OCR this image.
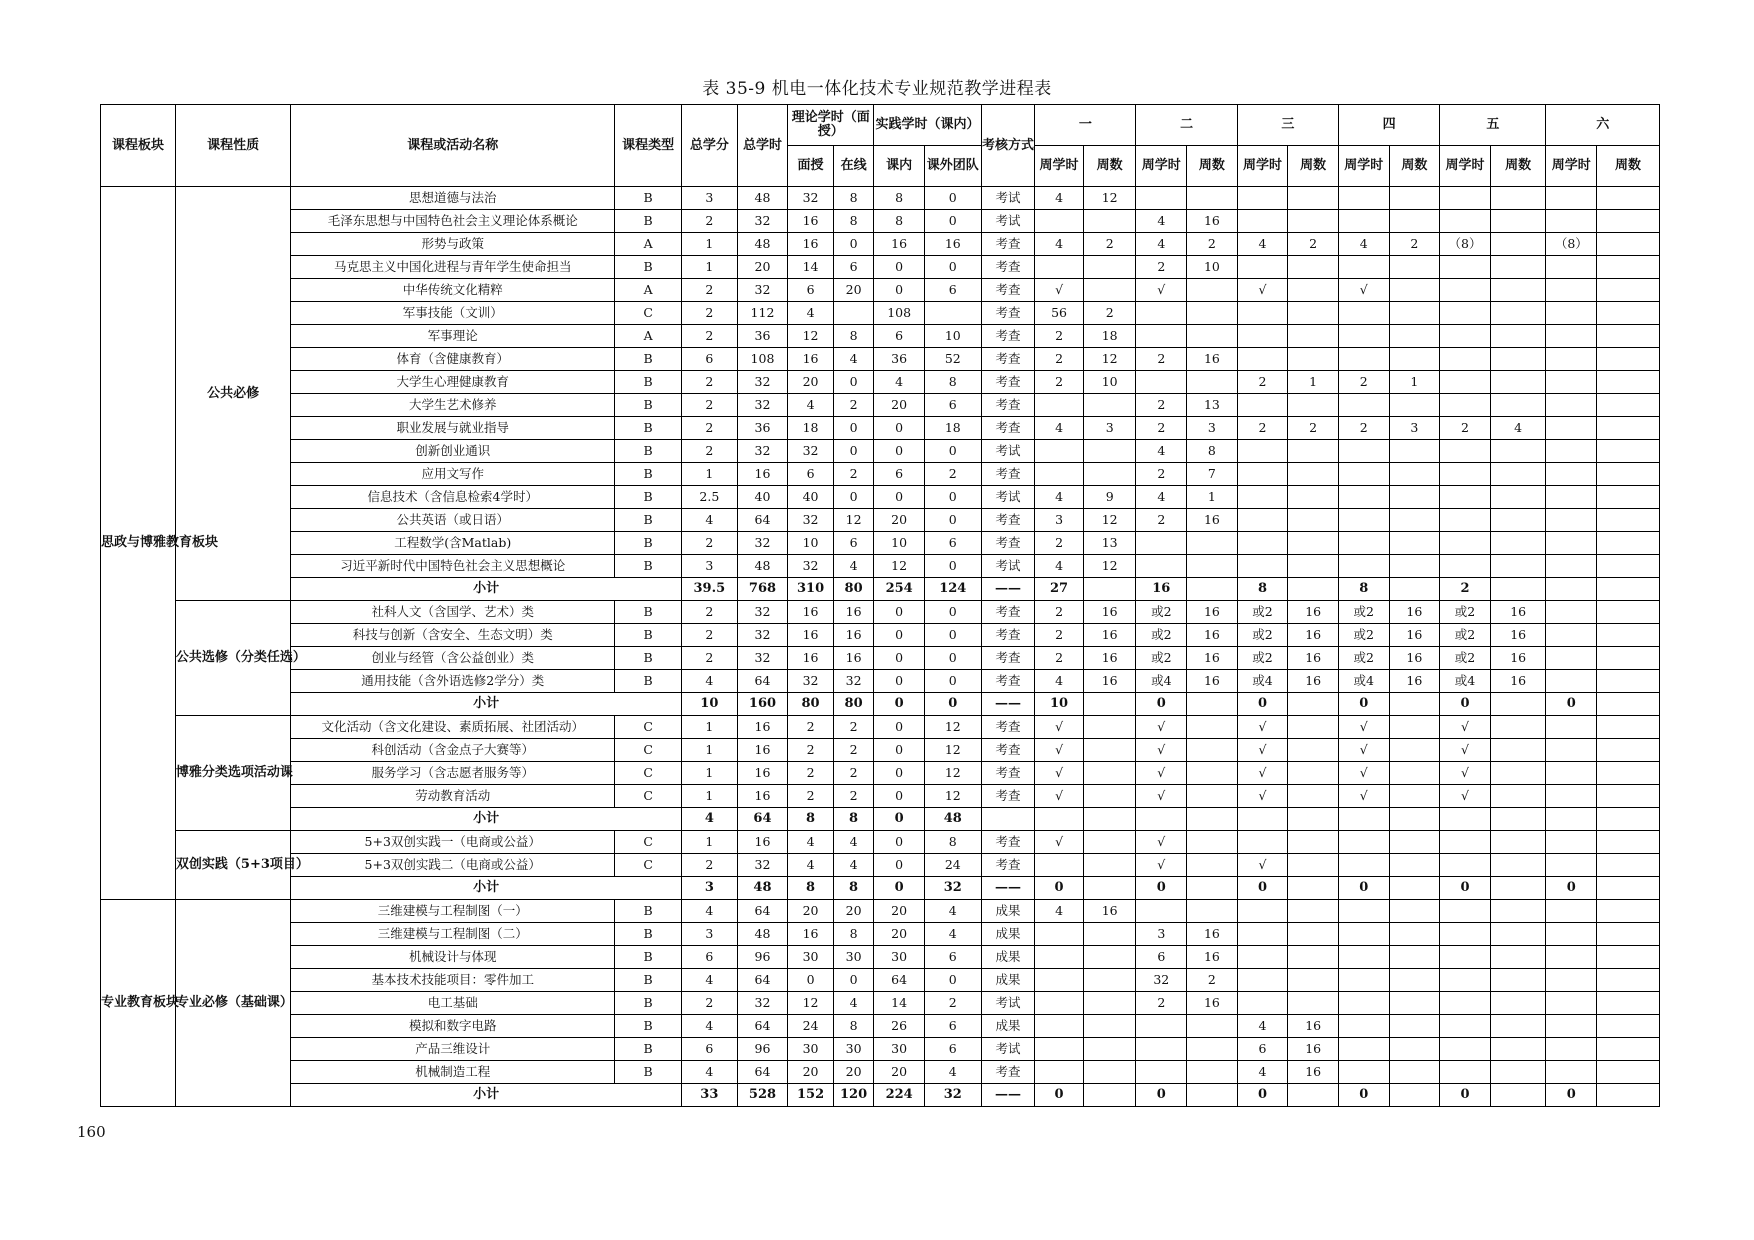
表 35-9 机电一体化技术专业规范教学进程表
课程板块	课程性质	课程或活动名称	课程类型	总学分	总学时	理论学时（面授）		实践学时（课内）		考核方式	一		二		三		四		五		六	
						面授	在线	课内	课外团队		周学时	周数	周学时	周数	周学时	周数	周学时	周数	周学时	周数	周学时	周数
思政与博雅教育板块	公共必修	思想道德与法治	B	3	48	32	8	8	0	考试	4	12										
		毛泽东思想与中国特色社会主义理论体系概论	B	2	32	16	8	8	0	考试			4	16								
		形势与政策	A	1	48	16	0	16	16	考查	4	2	4	2	4	2	4	2	（8）		（8）	
		马克思主义中国化进程与青年学生使命担当	B	1	20	14	6	0	0	考查			2	10								
		中华传统文化精粹	A	2	32	6	20	0	6	考查	√		√		√		√					
		军事技能（文训）	C	2	112	4		108		考查	56	2										
		军事理论	A	2	36	12	8	6	10	考查	2	18										
		体育（含健康教育）	B	6	108	16	4	36	52	考查	2	12	2	16								
		大学生心理健康教育	B	2	32	20	0	4	8	考查	2	10			2	1	2	1				
		大学生艺术修养	B	2	32	4	2	20	6	考查			2	13								
		职业发展与就业指导	B	2	36	18	0	0	18	考查	4	3	2	3	2	2	2	3	2	4		
		创新创业通识	B	2	32	32	0	0	0	考试			4	8								
		应用文写作	B	1	16	6	2	6	2	考查			2	7								
		信息技术（含信息检索4学时）	B	2.5	40	40	0	0	0	考试	4	9	4	1								
		公共英语（或日语）	B	4	64	32	12	20	0	考查	3	12	2	16								
		工程数学(含Matlab)	B	2	32	10	6	10	6	考查	2	13										
		习近平新时代中国特色社会主义思想概论	B	3	48	32	4	12	0	考试	4	12										
		小计		39.5	768	310	80	254	124	——	27		16		8		8		2			
	公共选修（分类任选）	社科人文（含国学、艺术）类	B	2	32	16	16	0	0	考查	2	16	或2	16	或2	16	或2	16	或2	16		
		科技与创新（含安全、生态文明）类	B	2	32	16	16	0	0	考查	2	16	或2	16	或2	16	或2	16	或2	16		
		创业与经管（含公益创业）类	B	2	32	16	16	0	0	考查	2	16	或2	16	或2	16	或2	16	或2	16		
		通用技能（含外语选修2学分）类	B	4	64	32	32	0	0	考查	4	16	或4	16	或4	16	或4	16	或4	16		
		小计		10	160	80	80	0	0	——	10		0		0		0		0		0	
	博雅分类选项活动课	文化活动（含文化建设、素质拓展、社团活动）	C	1	16	2	2	0	12	考查	√		√		√		√		√			
		科创活动（含金点子大赛等）	C	1	16	2	2	0	12	考查	√		√		√		√		√			
		服务学习（含志愿者服务等）	C	1	16	2	2	0	12	考查	√		√		√		√		√			
		劳动教育活动	C	1	16	2	2	0	12	考查	√		√		√		√		√			
		小计		4	64	8	8	0	48													
	双创实践（5+3项目）	5+3双创实践一（电商或公益）	C	1	16	4	4	0	8	考查	√		√									
		5+3双创实践二（电商或公益）	C	2	32	4	4	0	24	考查			√		√							
		小计		3	48	8	8	0	32	——	0		0		0		0		0		0	
专业教育板块	专业必修（基础课）	三维建模与工程制图（一）	B	4	64	20	20	20	4	成果	4	16										
		三维建模与工程制图（二）	B	3	48	16	8	20	4	成果			3	16								
		机械设计与体现	B	6	96	30	30	30	6	成果			6	16								
		基本技术技能项目：零件加工	B	4	64	0	0	64	0	成果			32	2								
		电工基础	B	2	32	12	4	14	2	考试			2	16								
		模拟和数字电路	B	4	64	24	8	26	6	成果					4	16						
		产品三维设计	B	6	96	30	30	30	6	考试					6	16						
		机械制造工程	B	4	64	20	20	20	4	考查					4	16						
		小计		33	528	152	120	224	32	——	0		0		0		0		0		0	
160
